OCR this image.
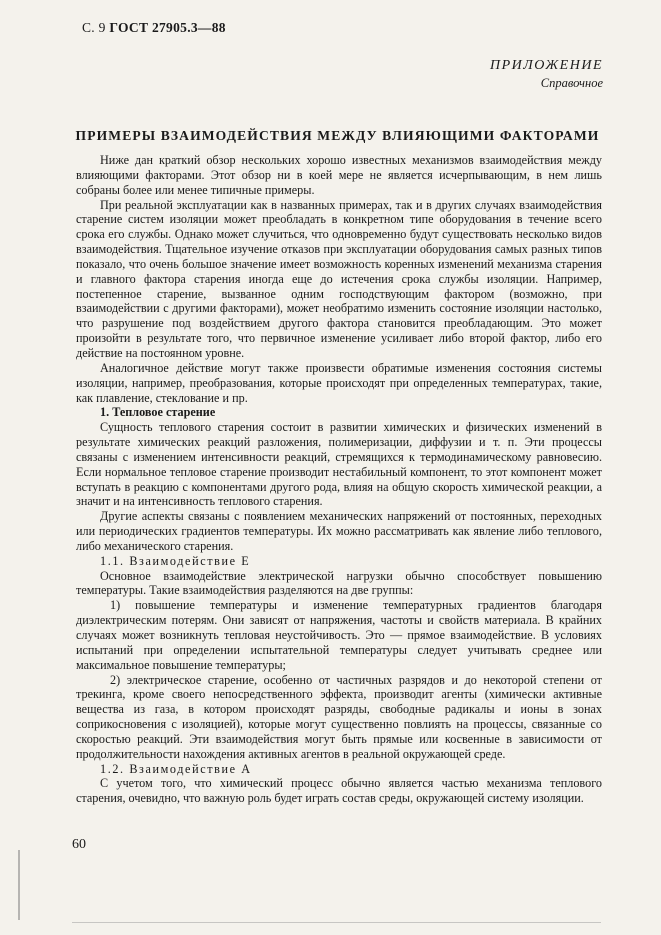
С. 9 ГОСТ 27905.3—88
ПРИЛОЖЕНИЕ
Справочное
ПРИМЕРЫ ВЗАИМОДЕЙСТВИЯ МЕЖДУ ВЛИЯЮЩИМИ ФАКТОРАМИ

Ниже дан краткий обзор нескольких хорошо известных механизмов взаимодействия между влияющими факторами. Этот обзор ни в коей мере не является исчерпывающим, в нем лишь собраны более или менее типичные примеры.

При реальной эксплуатации как в названных примерах, так и в других случаях взаимодействия старение систем изоляции может преобладать в конкретном типе оборудования в течение всего срока его службы. Однако может случиться, что одновременно будут существовать несколько видов взаимодействия. Тщательное изучение отказов при эксплуатации оборудования самых разных типов показало, что очень большое значение имеет возможность коренных изменений механизма старения и главного фактора старения иногда еще до истечения срока службы изоляции. Например, постепенное старение, вызванное одним господствующим фактором (возможно, при взаимодействии с другими факторами), может необратимо изменить состояние изоляции настолько, что разрушение под воздействием другого фактора становится преобладающим. Это может произойти в результате того, что первичное изменение усиливает либо второй фактор, либо его действие на постоянном уровне.

Аналогичное действие могут также произвести обратимые изменения состояния системы изоляции, например, преобразования, которые происходят при определенных температурах, такие, как плавление, стеклование и пр.

1. Тепловое старение

Сущность теплового старения состоит в развитии химических и физических изменений в результате химических реакций разложения, полимеризации, диффузии и т. п. Эти процессы связаны с изменением интенсивности реакций, стремящихся к термодинамическому равновесию. Если нормальное тепловое старение производит нестабильный компонент, то этот компонент может вступать в реакцию с компонентами другого рода, влияя на общую скорость химической реакции, а значит и на интенсивность теплового старения.

Другие аспекты связаны с появлением механических напряжений от постоянных, переходных или периодических градиентов температуры. Их можно рассматривать как явление либо теплового, либо механического старения.

1.1. Взаимодействие Е

Основное взаимодействие электрической нагрузки обычно способствует повышению температуры. Такие взаимодействия разделяются на две группы:

1) повышение температуры и изменение температурных градиентов благодаря диэлектрическим потерям. Они зависят от напряжения, частоты и свойств материала. В крайних случаях может возникнуть тепловая неустойчивость. Это — прямое взаимодействие. В условиях испытаний при определении испытательной температуры следует учитывать среднее или максимальное повышение температуры;

2) электрическое старение, особенно от частичных разрядов и до некоторой степени от трекинга, кроме своего непосредственного эффекта, производит агенты (химически активные вещества из газа, в котором происходят разряды, свободные радикалы и ионы в зонах соприкосновения с изоляцией), которые могут существенно повлиять на процессы, связанные со скоростью реакций. Эти взаимодействия могут быть прямые или косвенные в зависимости от продолжительности нахождения активных агентов в реальной окружающей среде.

1.2. Взаимодействие А

С учетом того, что химический процесс обычно является частью механизма теплового старения, очевидно, что важную роль будет играть состав среды, окружающей систему изоляции.

60
